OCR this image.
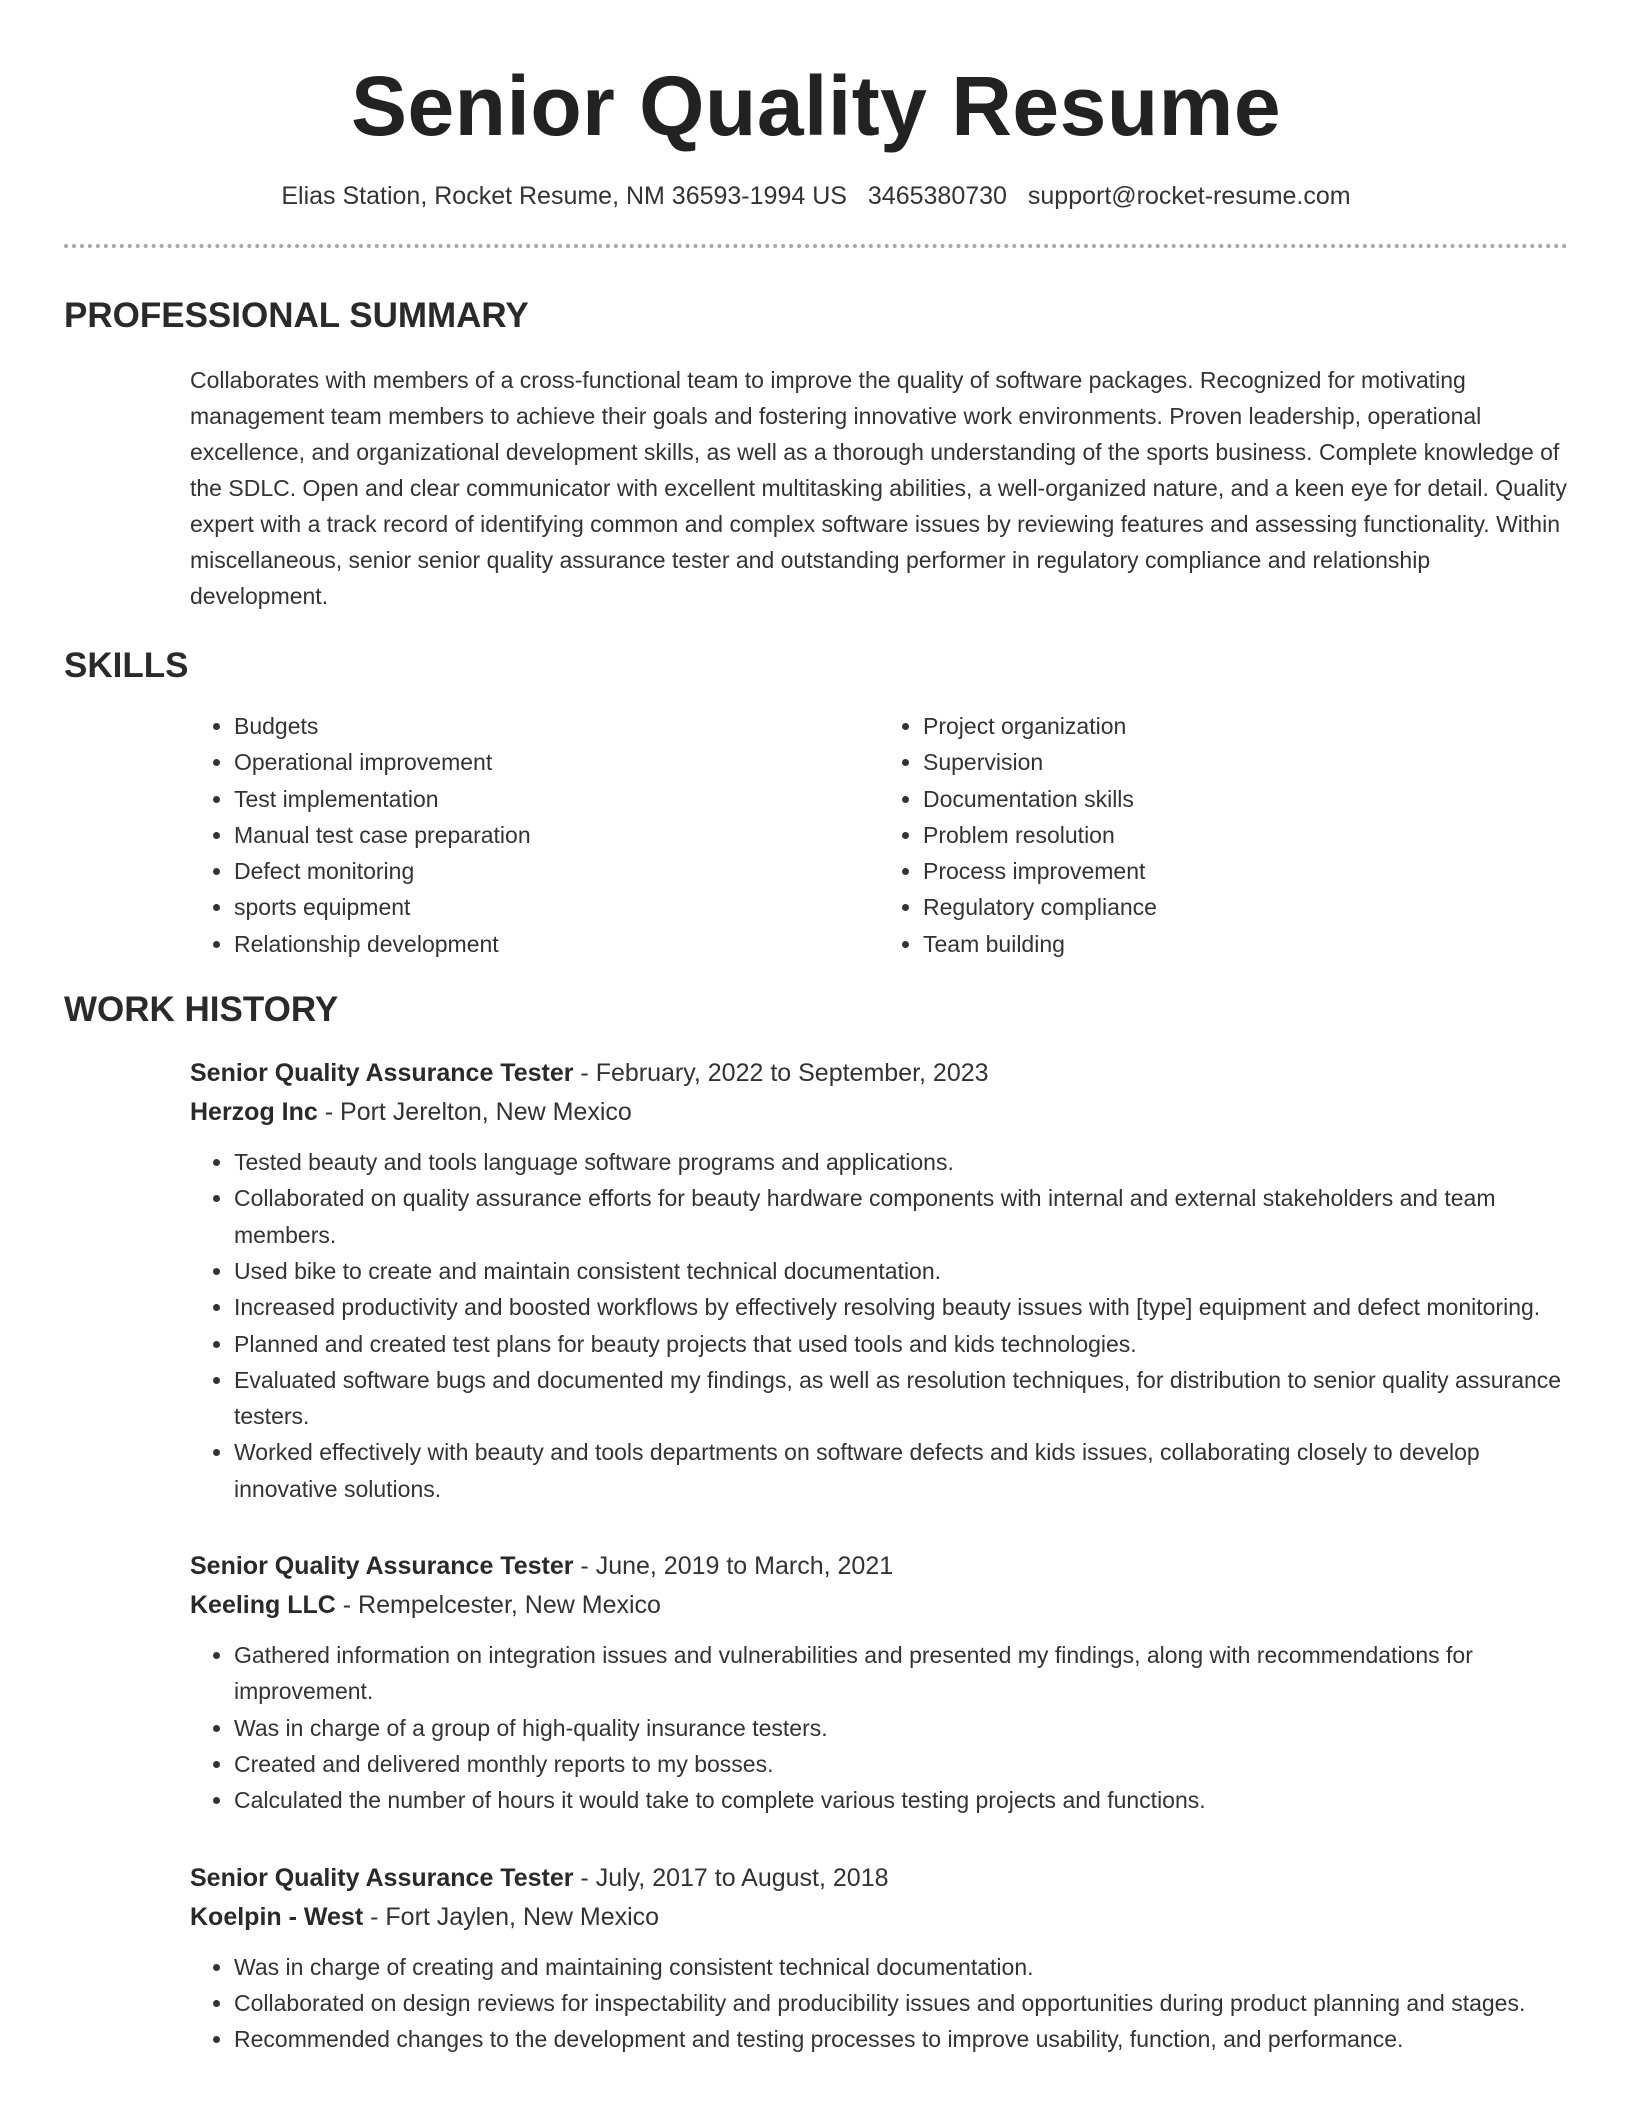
Senior Quality Resume
Elias Station, Rocket Resume, NM 36593-1994 US 3465380730 support@rocket-resume.com
PROFESSIONAL SUMMARY

Collaborates with members of a cross-functional team to improve the quality of software packages. Recognized for motivating management team members to achieve their goals and fostering innovative work environments. Proven leadership, operational excellence, and organizational development skills, as well as a thorough understanding of the sports business. Complete knowledge of the SDLC. Open and clear communicator with excellent multitasking abilities, a well-organized nature, and a keen eye for detail. Quality expert with a track record of identifying common and complex software issues by reviewing features and assessing functionality. Within miscellaneous, senior senior quality assurance tester and outstanding performer in regulatory compliance and relationship development.

SKILLS
• Budgets
• Operational improvement
• Test implementation
• Manual test case preparation
• Defect monitoring
• sports equipment
• Relationship development
• Project organization
• Supervision
• Documentation skills
• Problem resolution
• Process improvement
• Regulatory compliance
• Team building
WORK HISTORY
Senior Quality Assurance Tester - February, 2022 to September, 2023
Herzog Inc - Port Jerelton, New Mexico
• Tested beauty and tools language software programs and applications.
• Collaborated on quality assurance efforts for beauty hardware components with internal and external stakeholders and team members.
• Used bike to create and maintain consistent technical documentation.
• Increased productivity and boosted workflows by effectively resolving beauty issues with [type] equipment and defect monitoring.
• Planned and created test plans for beauty projects that used tools and kids technologies.
• Evaluated software bugs and documented my findings, as well as resolution techniques, for distribution to senior quality assurance testers.
• Worked effectively with beauty and tools departments on software defects and kids issues, collaborating closely to develop innovative solutions.
Senior Quality Assurance Tester - June, 2019 to March, 2021
Keeling LLC - Rempelcester, New Mexico
• Gathered information on integration issues and vulnerabilities and presented my findings, along with recommendations for improvement.
• Was in charge of a group of high-quality insurance testers.
• Created and delivered monthly reports to my bosses.
• Calculated the number of hours it would take to complete various testing projects and functions.
Senior Quality Assurance Tester - July, 2017 to August, 2018
Koelpin - West - Fort Jaylen, New Mexico
• Was in charge of creating and maintaining consistent technical documentation.
• Collaborated on design reviews for inspectability and producibility issues and opportunities during product planning and stages.
• Recommended changes to the development and testing processes to improve usability, function, and performance.
